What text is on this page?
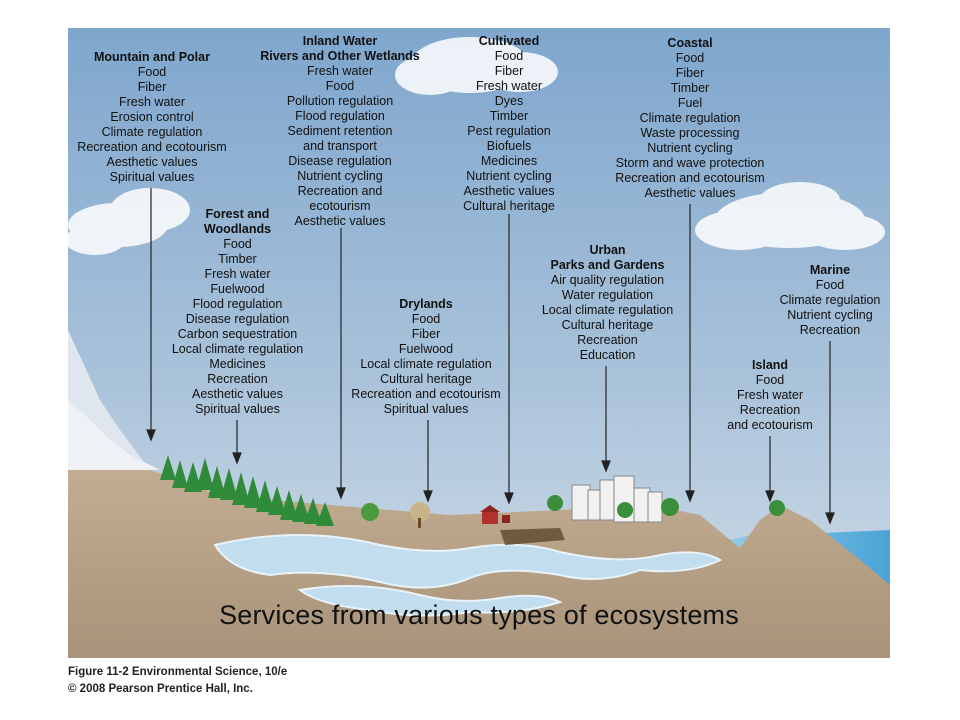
Mountain and Polar
Food
Fiber
Fresh water
Erosion control
Climate regulation
Recreation and ecotourism
Aesthetic values
Spiritual values
Inland Water
Rivers and Other Wetlands
Fresh water
Food
Pollution regulation
Flood regulation
Sediment retention
and transport
Disease regulation
Nutrient cycling
Recreation and
ecotourism
Aesthetic values
Cultivated
Food
Fiber
Fresh water
Dyes
Timber
Pest regulation
Biofuels
Medicines
Nutrient cycling
Aesthetic values
Cultural heritage
Coastal
Food
Fiber
Timber
Fuel
Climate regulation
Waste processing
Nutrient cycling
Storm and wave protection
Recreation and ecotourism
Aesthetic values
Forest and
Woodlands
Food
Timber
Fresh water
Fuelwood
Flood regulation
Disease regulation
Carbon sequestration
Local climate regulation
Medicines
Recreation
Aesthetic values
Spiritual values
Drylands
Food
Fiber
Fuelwood
Local climate regulation
Cultural heritage
Recreation and ecotourism
Spiritual values
Urban
Parks and Gardens
Air quality regulation
Water regulation
Local climate regulation
Cultural heritage
Recreation
Education
Marine
Food
Climate regulation
Nutrient cycling
Recreation
Island
Food
Fresh water
Recreation
and ecotourism
Services from various types of ecosystems
Figure 11-2 Environmental Science, 10/e
© 2008 Pearson Prentice Hall, Inc.
